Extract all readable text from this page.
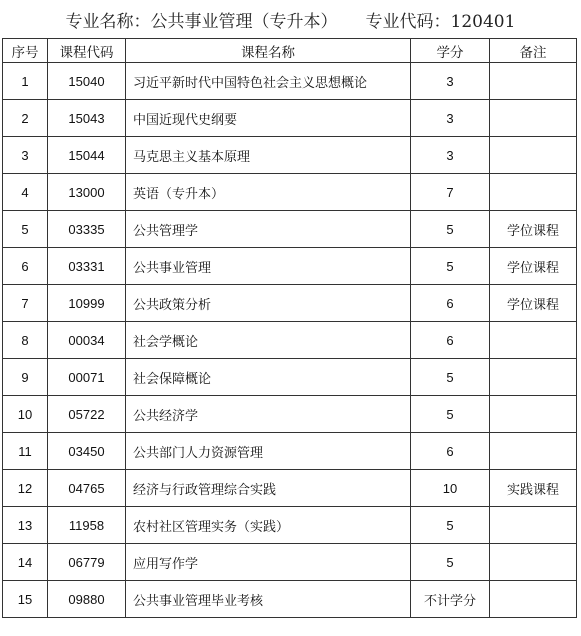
专业名称：公共事业管理（专升本） 专业代码：120401
序号	课程代码	课程名称	学分	备注
1	15040	习近平新时代中国特色社会主义思想概论	3	
2	15043	中国近现代史纲要	3	
3	15044	马克思主义基本原理	3	
4	13000	英语（专升本）	7	
5	03335	公共管理学	5	学位课程
6	03331	公共事业管理	5	学位课程
7	10999	公共政策分析	6	学位课程
8	00034	社会学概论	6	
9	00071	社会保障概论	5	
10	05722	公共经济学	5	
11	03450	公共部门人力资源管理	6	
12	04765	经济与行政管理综合实践	10	实践课程
13	11958	农村社区管理实务（实践）	5	
14	06779	应用写作学	5	
15	09880	公共事业管理毕业考核	不计学分	
